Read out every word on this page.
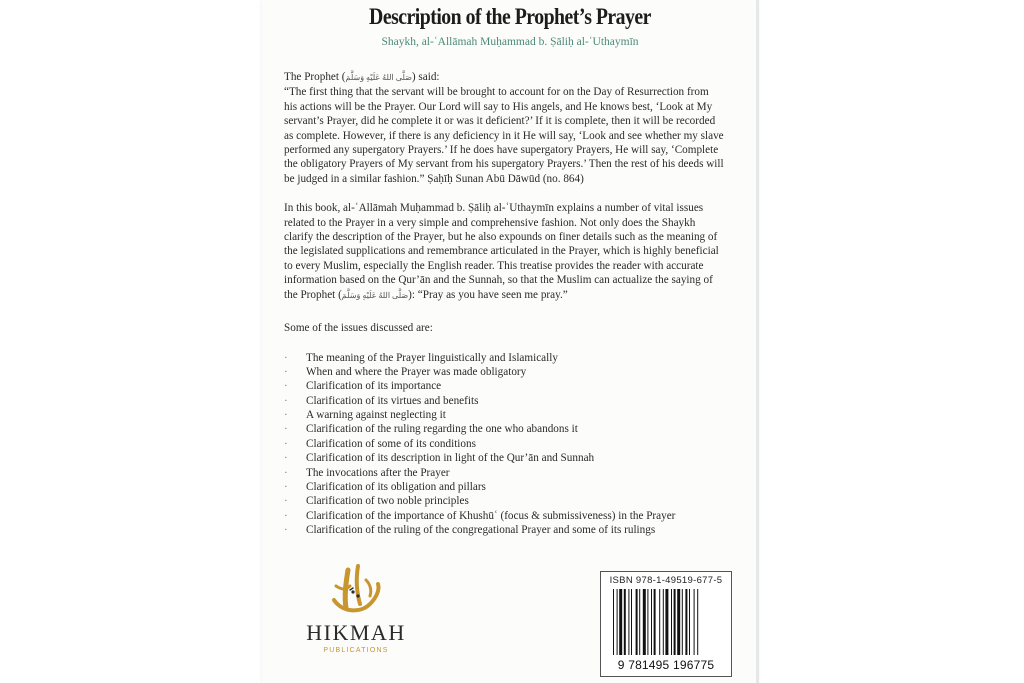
Description of the Prophet’s Prayer
Shaykh, al-ʿAllāmah Muḥammad b. Ṣāliḥ al-ʿUthaymīn

The Prophet (صَلَّى اللهُ عَلَيْهِ وَسَلَّمَ) said:

“The first thing that the servant will be brought to account for on the Day of Resurrection from his actions will be the Prayer. Our Lord will say to His angels, and He knows best, ‘Look at My servant’s Prayer, did he complete it or was it deficient?’ If it is complete, then it will be recorded as complete. However, if there is any deficiency in it He will say, ‘Look and see whether my slave performed any supergatory Prayers.’ If he does have supergatory Prayers, He will say, ‘Complete the obligatory Prayers of My servant from his supergatory Prayers.’ Then the rest of his deeds will be judged in a similar fashion.” Ṣaḥīḥ Sunan Abū Dāwūd (no. 864)

In this book, al-ʿAllāmah Muḥammad b. Ṣāliḥ al-ʿUthaymīn explains a number of vital issues related to the Prayer in a very simple and comprehensive fashion. Not only does the Shaykh clarify the description of the Prayer, but he also expounds on finer details such as the meaning of the legislated supplications and remembrance articulated in the Prayer, which is highly beneficial to every Muslim, especially the English reader. This treatise provides the reader with accurate information based on the Qur’ān and the Sunnah, so that the Muslim can actualize the saying of the Prophet (صَلَّى اللهُ عَلَيْهِ وَسَلَّمَ): “Pray as you have seen me pray.”

Some of the issues discussed are:

· The meaning of the Prayer linguistically and Islamically
· When and where the Prayer was made obligatory
· Clarification of its importance
· Clarification of its virtues and benefits
· A warning against neglecting it
· Clarification of the ruling regarding the one who abandons it
· Clarification of some of its conditions
· Clarification of its description in light of the Qur’ān and Sunnah
· The invocations after the Prayer
· Clarification of its obligation and pillars
· Clarification of two noble principles
· Clarification of the importance of Khushūʿ (focus & submissiveness) in the Prayer
· Clarification of the ruling of the congregational Prayer and some of its rulings
HIKMAH
PUBLICATIONS
ISBN 978-1-49519-677-5
9 781495 196775
